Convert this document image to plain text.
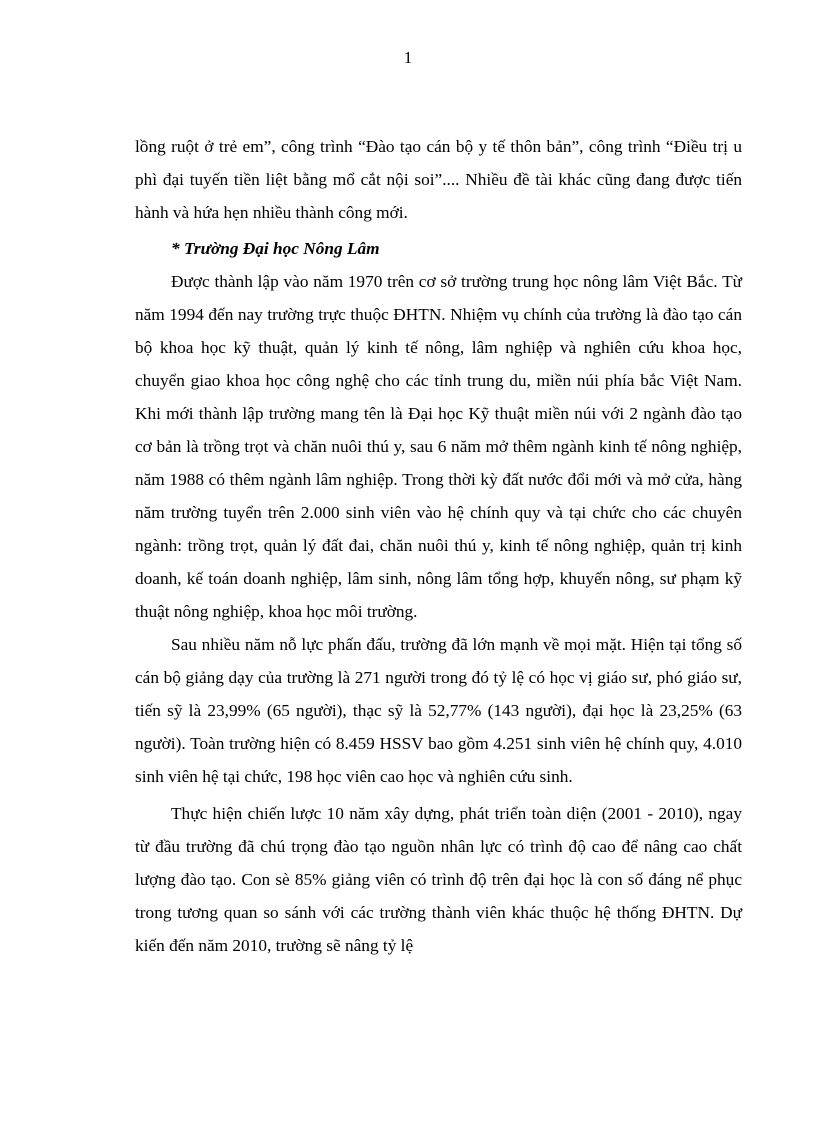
1

lồng ruột ở trẻ em”, công trình “Đào tạo cán bộ y tế thôn bản”, công trình “Điều trị u phì đại tuyến tiền liệt bằng mổ cắt nội soi”.... Nhiều đề tài khác cũng đang được tiến hành và hứa hẹn nhiều thành công mới.

* Trường Đại học Nông Lâm

Được thành lập vào năm 1970 trên cơ sở trường trung học nông lâm Việt Bắc. Từ năm 1994 đến nay trường trực thuộc ĐHTN. Nhiệm vụ chính của trường là đào tạo cán bộ khoa học kỹ thuật, quản lý kinh tế nông, lâm nghiệp và nghiên cứu khoa học, chuyển giao khoa học công nghệ cho các tỉnh trung du, miền núi phía bắc Việt Nam. Khi mới thành lập trường mang tên là Đại học Kỹ thuật miền núi với 2 ngành đào tạo cơ bản là trồng trọt và chăn nuôi thú y, sau 6 năm mở thêm ngành kinh tế nông nghiệp, năm 1988 có thêm ngành lâm nghiệp. Trong thời kỳ đất nước đổi mới và mở cửa, hàng năm trường tuyển trên 2.000 sinh viên vào hệ chính quy và tại chức cho các chuyên ngành: trồng trọt, quản lý đất đai, chăn nuôi thú y, kinh tế nông nghiệp, quản trị kinh doanh, kế toán doanh nghiệp, lâm sinh, nông lâm tổng hợp, khuyến nông, sư phạm kỹ thuật nông nghiệp, khoa học môi trường.

Sau nhiều năm nỗ lực phấn đấu, trường đã lớn mạnh về mọi mặt. Hiện tại tổng số cán bộ giảng dạy của trường là 271 người trong đó tỷ lệ có học vị giáo sư, phó giáo sư, tiến sỹ là 23,99% (65 người), thạc sỹ là 52,77% (143 người), đại học là 23,25% (63 người). Toàn trường hiện có 8.459 HSSV bao gồm 4.251 sinh viên hệ chính quy, 4.010 sinh viên hệ tại chức, 198 học viên cao học và nghiên cứu sinh.

Thực hiện chiến lược 10 năm xây dựng, phát triển toàn diện (2001 - 2010), ngay từ đầu trường đã chú trọng đào tạo nguồn nhân lực có trình độ cao để nâng cao chất lượng đào tạo. Con sè 85% giảng viên có trình độ trên đại học là con số đáng nể phục trong tương quan so sánh với các trường thành viên khác thuộc hệ thống ĐHTN. Dự kiến đến năm 2010, trường sẽ nâng tỷ lệ
